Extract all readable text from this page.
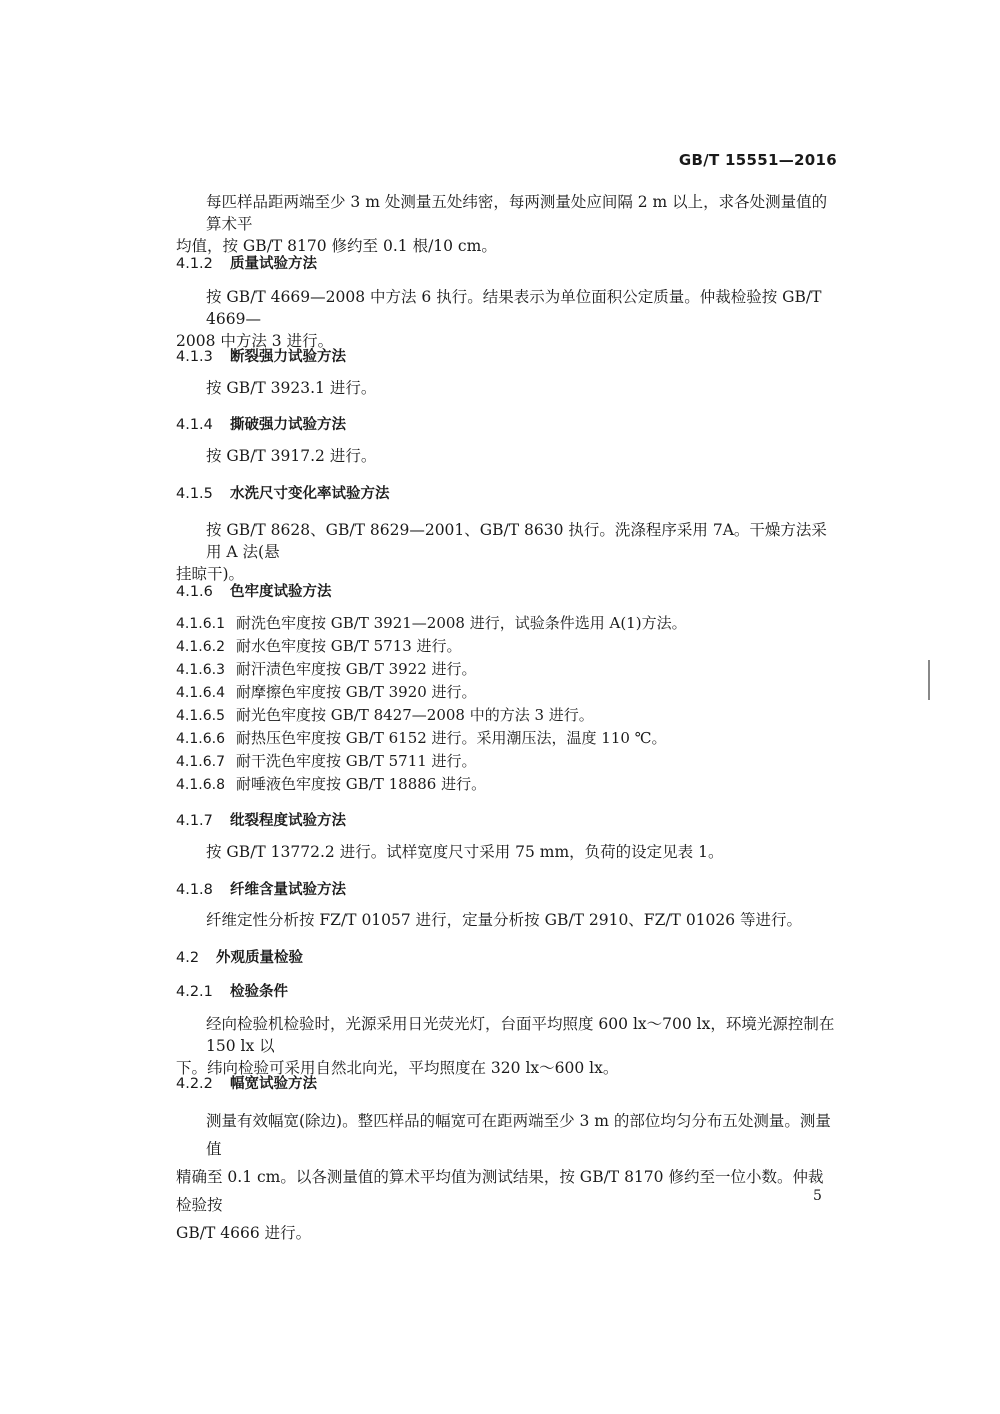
GB/T 15551—2016
每匹样品距两端至少 3 m 处测量五处纬密，每两测量处应间隔 2 m 以上，求各处测量值的算术平
均值，按 GB/T 8170 修约至 0.1 根/10 cm。
4.1.2 质量试验方法
按 GB/T 4669—2008 中方法 6 执行。结果表示为单位面积公定质量。仲裁检验按 GB/T 4669—
2008 中方法 3 进行。
4.1.3 断裂强力试验方法
按 GB/T 3923.1 进行。
4.1.4 撕破强力试验方法
按 GB/T 3917.2 进行。
4.1.5 水洗尺寸变化率试验方法
按 GB/T 8628、GB/T 8629—2001、GB/T 8630 执行。洗涤程序采用 7A。干燥方法采用 A 法(悬
挂晾干)。
4.1.6 色牢度试验方法
4.1.6.1 耐洗色牢度按 GB/T 3921—2008 进行，试验条件选用 A(1)方法。
4.1.6.2 耐水色牢度按 GB/T 5713 进行。
4.1.6.3 耐汗渍色牢度按 GB/T 3922 进行。
4.1.6.4 耐摩擦色牢度按 GB/T 3920 进行。
4.1.6.5 耐光色牢度按 GB/T 8427—2008 中的方法 3 进行。
4.1.6.6 耐热压色牢度按 GB/T 6152 进行。采用潮压法，温度 110 ℃。
4.1.6.7 耐干洗色牢度按 GB/T 5711 进行。
4.1.6.8 耐唾液色牢度按 GB/T 18886 进行。
4.1.7 纰裂程度试验方法
按 GB/T 13772.2 进行。试样宽度尺寸采用 75 mm，负荷的设定见表 1。
4.1.8 纤维含量试验方法
纤维定性分析按 FZ/T 01057 进行，定量分析按 GB/T 2910、FZ/T 01026 等进行。
4.2 外观质量检验
4.2.1 检验条件
经向检验机检验时，光源采用日光荧光灯，台面平均照度 600 lx～700 lx，环境光源控制在 150 lx 以
下。纬向检验可采用自然北向光，平均照度在 320 lx～600 lx。
4.2.2 幅宽试验方法
测量有效幅宽(除边)。整匹样品的幅宽可在距两端至少 3 m 的部位均匀分布五处测量。测量值
精确至 0.1 cm。以各测量值的算术平均值为测试结果，按 GB/T 8170 修约至一位小数。仲裁检验按
GB/T 4666 进行。
5
